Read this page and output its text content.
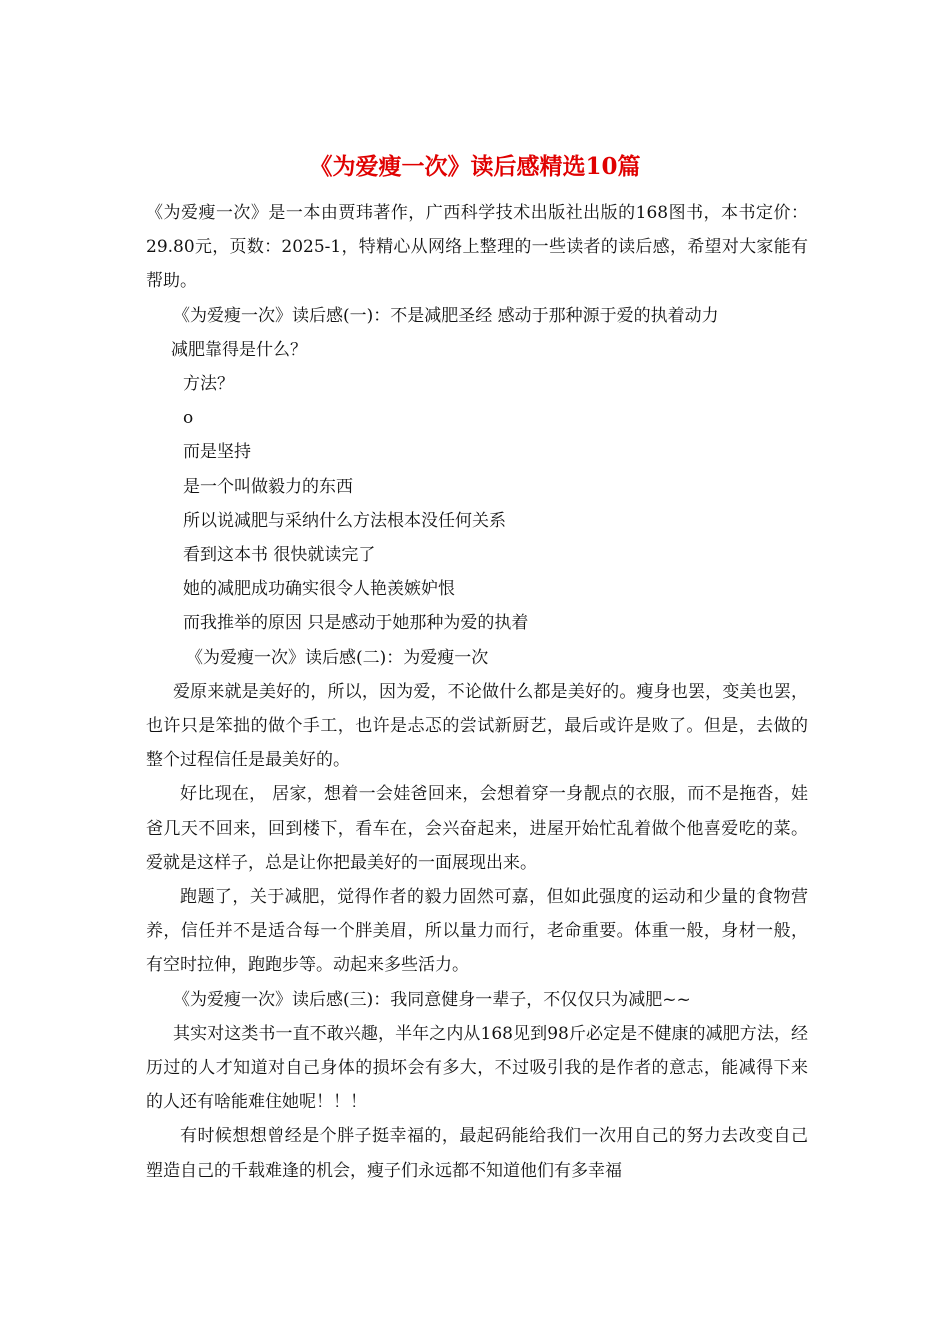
《为爱瘦一次》读后感精选10篇

《为爱瘦一次》是一本由贾玮著作，广西科学技术出版社出版的168图书，本书定价：29.80元，页数：2025-1，特精心从网络上整理的一些读者的读后感，希望对大家能有帮助。

《为爱瘦一次》读后感(一)：不是减肥圣经 感动于那种源于爱的执着动力

减肥靠得是什么？

方法？

o

而是坚持

是一个叫做毅力的东西

所以说减肥与采纳什么方法根本没任何关系

看到这本书 很快就读完了

她的减肥成功确实很令人艳羡嫉妒恨

而我推举的原因 只是感动于她那种为爱的执着

《为爱瘦一次》读后感(二)：为爱瘦一次

爱原来就是美好的，所以，因为爱，不论做什么都是美好的。瘦身也罢，变美也罢，也许只是笨拙的做个手工，也许是忐忑的尝试新厨艺，最后或许是败了。但是，去做的整个过程信任是最美好的。

好比现在， 居家，想着一会娃爸回来，会想着穿一身靓点的衣服，而不是拖沓，娃爸几天不回来，回到楼下，看车在，会兴奋起来，进屋开始忙乱着做个他喜爱吃的菜。爱就是这样子，总是让你把最美好的一面展现出来。

跑题了，关于减肥，觉得作者的毅力固然可嘉，但如此强度的运动和少量的食物营养，信任并不是适合每一个胖美眉，所以量力而行，老命重要。体重一般，身材一般，有空时拉伸，跑跑步等。动起来多些活力。

《为爱瘦一次》读后感(三)：我同意健身一辈子，不仅仅只为减肥~~

其实对这类书一直不敢兴趣，半年之内从168见到98斤必定是不健康的减肥方法，经历过的人才知道对自己身体的损坏会有多大，不过吸引我的是作者的意志，能减得下来的人还有啥能难住她呢！！！

有时候想想曾经是个胖子挺幸福的，最起码能给我们一次用自己的努力去改变自己塑造自己的千载难逢的机会，瘦子们永远都不知道他们有多幸福
